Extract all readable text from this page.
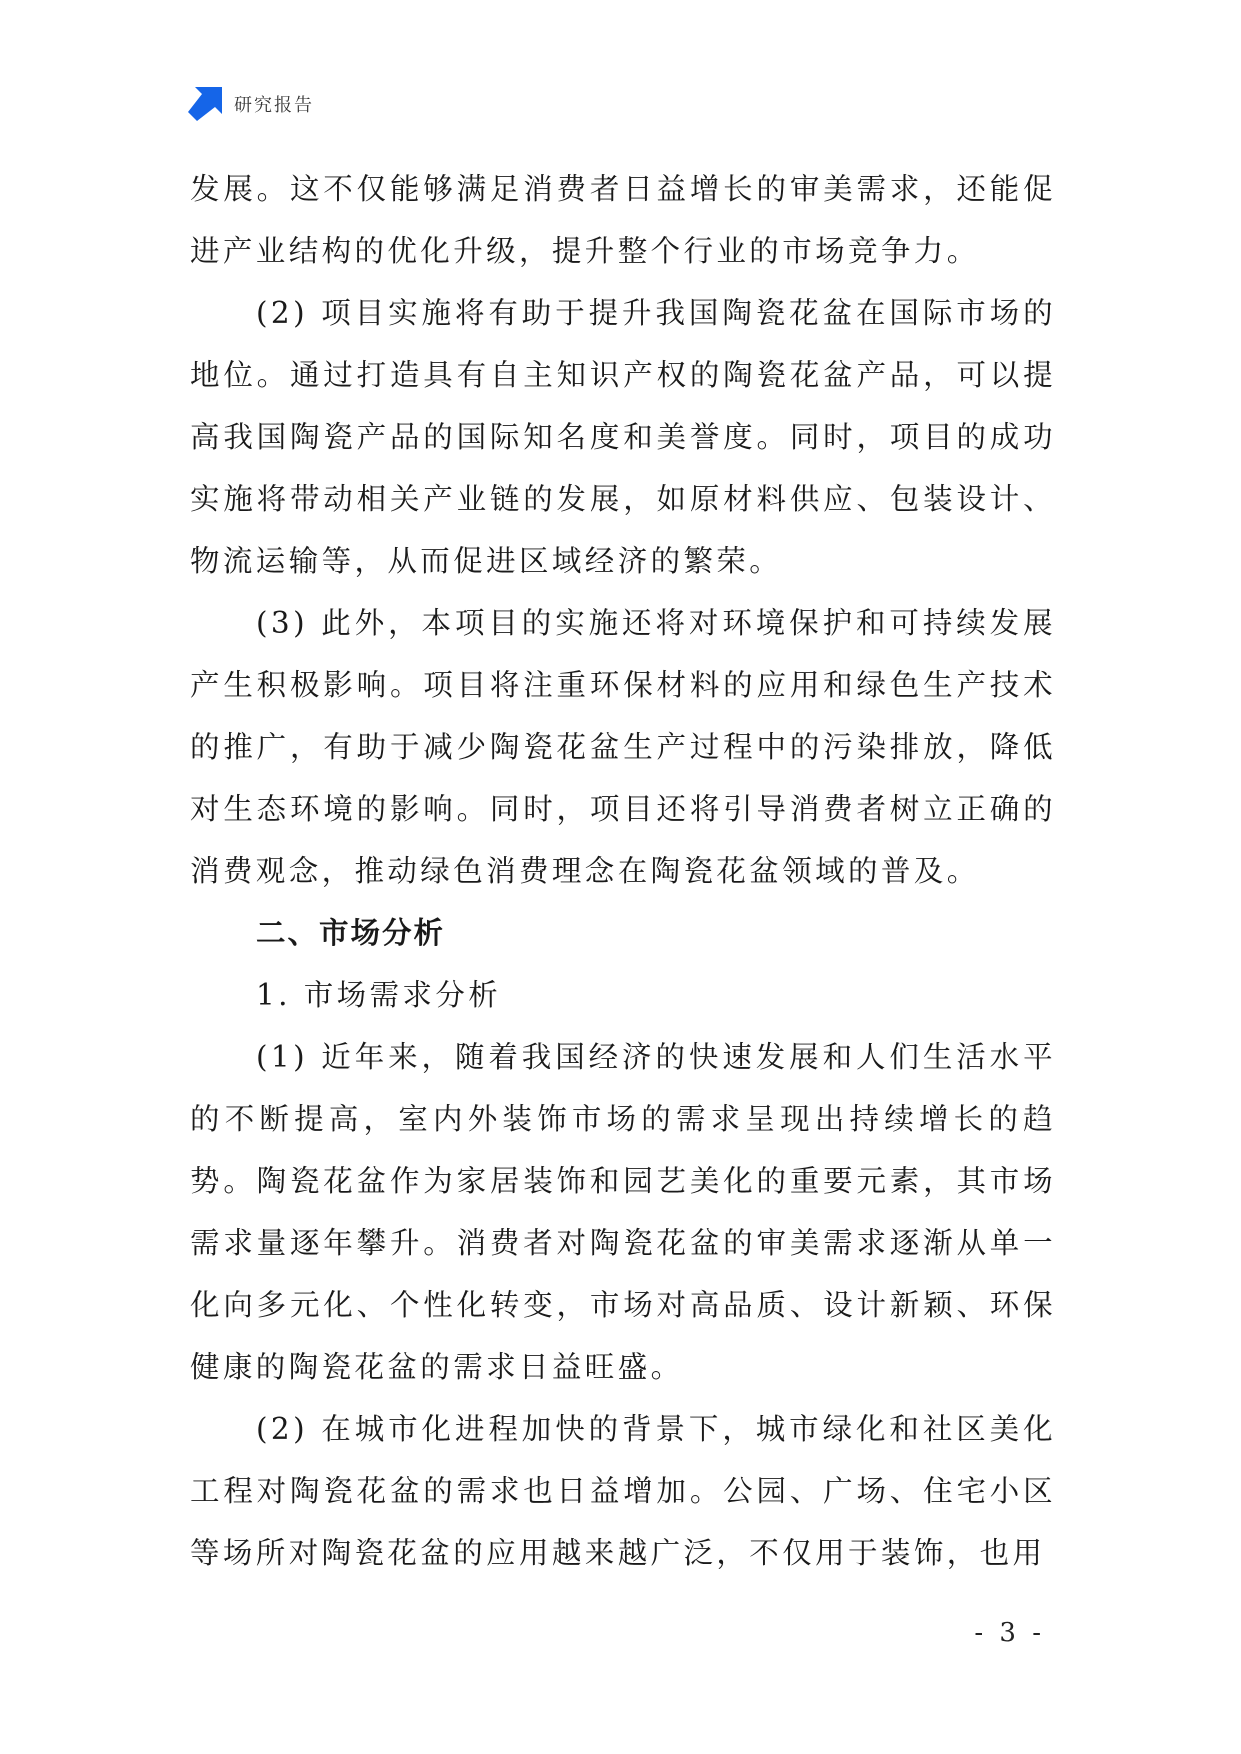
研究报告

发展。这不仅能够满足消费者日益增长的审美需求，还能促进产业结构的优化升级，提升整个行业的市场竞争力。

(2) 项目实施将有助于提升我国陶瓷花盆在国际市场的地位。通过打造具有自主知识产权的陶瓷花盆产品，可以提高我国陶瓷产品的国际知名度和美誉度。同时，项目的成功实施将带动相关产业链的发展，如原材料供应、包装设计、物流运输等，从而促进区域经济的繁荣。

(3) 此外，本项目的实施还将对环境保护和可持续发展产生积极影响。项目将注重环保材料的应用和绿色生产技术的推广，有助于减少陶瓷花盆生产过程中的污染排放，降低对生态环境的影响。同时，项目还将引导消费者树立正确的消费观念，推动绿色消费理念在陶瓷花盆领域的普及。

二、市场分析

1. 市场需求分析

(1) 近年来，随着我国经济的快速发展和人们生活水平的不断提高，室内外装饰市场的需求呈现出持续增长的趋势。陶瓷花盆作为家居装饰和园艺美化的重要元素，其市场需求量逐年攀升。消费者对陶瓷花盆的审美需求逐渐从单一化向多元化、个性化转变，市场对高品质、设计新颖、环保健康的陶瓷花盆的需求日益旺盛。

(2) 在城市化进程加快的背景下，城市绿化和社区美化工程对陶瓷花盆的需求也日益增加。公园、广场、住宅小区等场所对陶瓷花盆的应用越来越广泛，不仅用于装饰，也用

- 3 -
